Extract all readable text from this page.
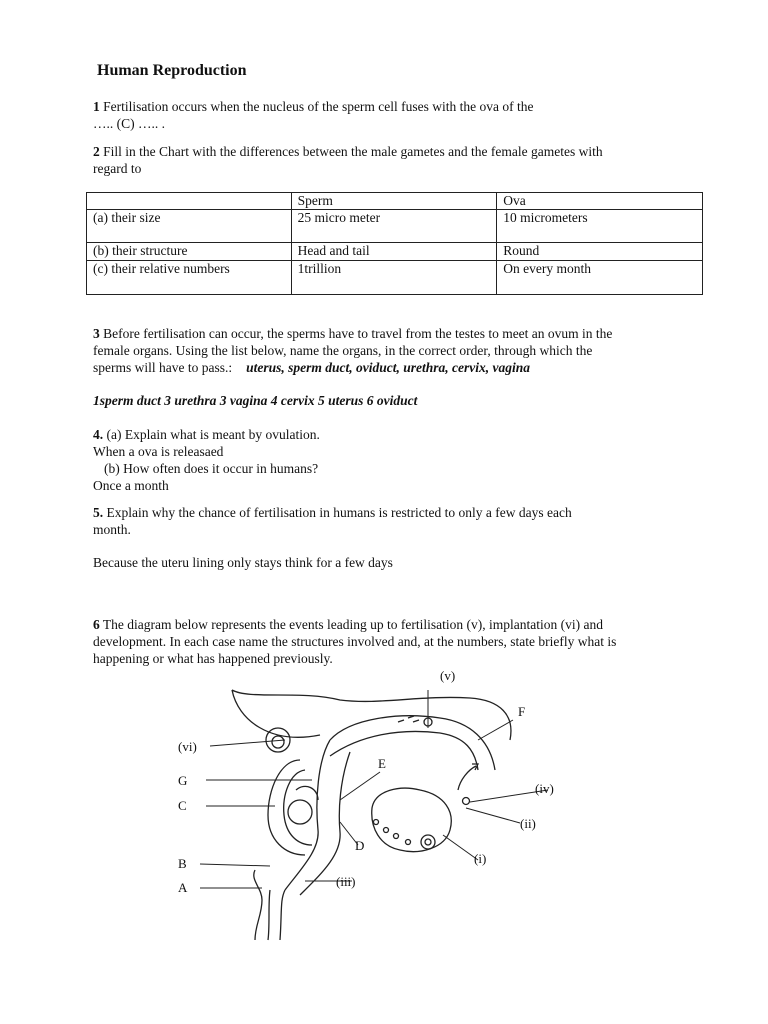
Human Reproduction
1 Fertilisation occurs when the nucleus of the sperm cell fuses with the ova of the
….. (C) ….. .
2 Fill in the Chart with the differences between the male gametes and the female gametes with
regard to
	Sperm	Ova
(a) their size	25 micro meter	10 micrometers
(b) their structure	Head and tail	Round
(c) their relative numbers	1trillion	On every month
3 Before fertilisation can occur, the sperms have to travel from the testes to meet an ovum in the
female organs. Using the list below, name the organs, in the correct order, through which the
sperms will have to pass.: uterus, sperm duct, oviduct, urethra, cervix, vagina
1sperm duct 3 urethra 3 vagina 4 cervix 5 uterus 6 oviduct
4. (a) Explain what is meant by ovulation.
When a ova is releasaed
(b) How often does it occur in humans?
Once a month
5. Explain why the chance of fertilisation in humans is restricted to only a few days each
month.
Because the uteru lining only stays think for a few days
6 The diagram below represents the events leading up to fertilisation (v), implantation (vi) and
development. In each case name the structures involved and, at the numbers, state briefly what is
happening or what has happened previously.
(v)
F
(vi)
E
G
(iv)
C
(ii)
D
(i)
B
(iii)
A
